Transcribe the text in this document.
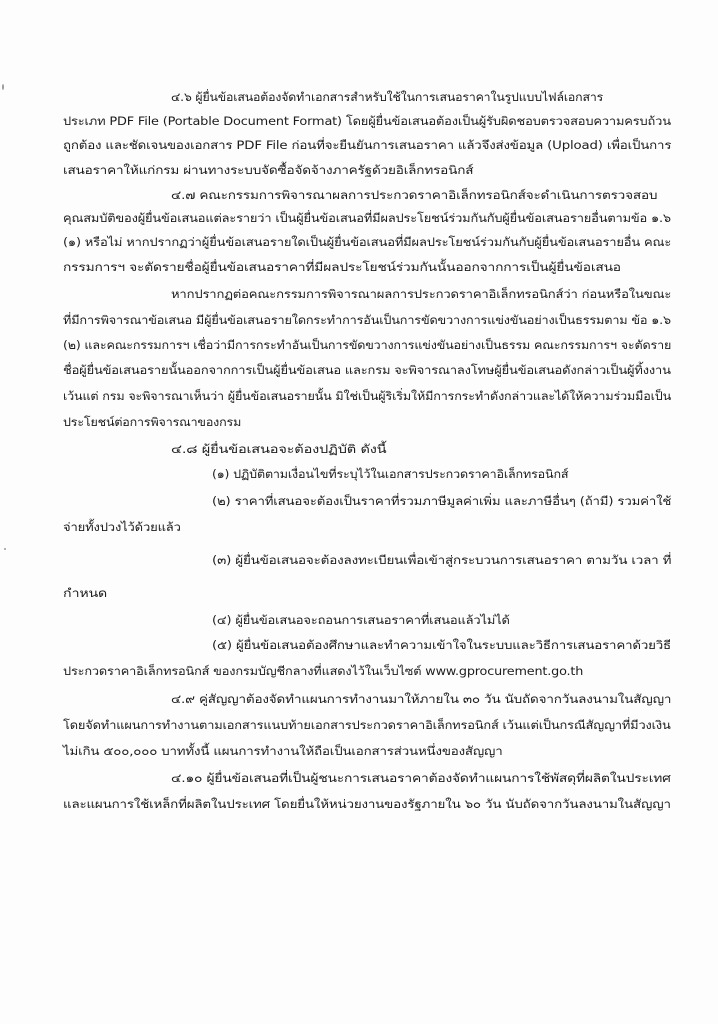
๔.๖ ผู้ยื่นข้อเสนอต้องจัดทำเอกสารสำหรับใช้ในการเสนอราคาในรูปแบบไฟล์เอกสาร
ประเภท PDF File (Portable Document Format) โดยผู้ยื่นข้อเสนอต้องเป็นผู้รับผิดชอบตรวจสอบความครบถ้วน
ถูกต้อง และชัดเจนของเอกสาร PDF File ก่อนที่จะยืนยันการเสนอราคา แล้วจึงส่งข้อมูล (Upload) เพื่อเป็นการ
เสนอราคาให้แก่กรม ผ่านทางระบบจัดซื้อจัดจ้างภาครัฐด้วยอิเล็กทรอนิกส์
๔.๗ คณะกรรมการพิจารณาผลการประกวดราคาอิเล็กทรอนิกส์จะดำเนินการตรวจสอบ
คุณสมบัติของผู้ยื่นข้อเสนอแต่ละรายว่า เป็นผู้ยื่นข้อเสนอที่มีผลประโยชน์ร่วมกันกับผู้ยื่นข้อเสนอรายอื่นตามข้อ ๑.๖
(๑) หรือไม่ หากปรากฏว่าผู้ยื่นข้อเสนอรายใดเป็นผู้ยื่นข้อเสนอที่มีผลประโยชน์ร่วมกันกับผู้ยื่นข้อเสนอรายอื่น คณะ
กรรมการฯ จะตัดรายชื่อผู้ยื่นข้อเสนอราคาที่มีผลประโยชน์ร่วมกันนั้นออกจากการเป็นผู้ยื่นข้อเสนอ
หากปรากฏต่อคณะกรรมการพิจารณาผลการประกวดราคาอิเล็กทรอนิกส์ว่า ก่อนหรือในขณะ
ที่มีการพิจารณาข้อเสนอ มีผู้ยื่นข้อเสนอรายใดกระทำการอันเป็นการขัดขวางการแข่งขันอย่างเป็นธรรมตาม ข้อ ๑.๖
(๒) และคณะกรรมการฯ เชื่อว่ามีการกระทำอันเป็นการขัดขวางการแข่งขันอย่างเป็นธรรม คณะกรรมการฯ จะตัดราย
ชื่อผู้ยื่นข้อเสนอรายนั้นออกจากการเป็นผู้ยื่นข้อเสนอ และกรม จะพิจารณาลงโทษผู้ยื่นข้อเสนอดังกล่าวเป็นผู้ทิ้งงาน
เว้นแต่ กรม จะพิจารณาเห็นว่า ผู้ยื่นข้อเสนอรายนั้น มิใช่เป็นผู้ริเริ่มให้มีการกระทำดังกล่าวและได้ให้ความร่วมมือเป็น
ประโยชน์ต่อการพิจารณาของกรม
๔.๘ ผู้ยื่นข้อเสนอจะต้องปฏิบัติ ดังนี้
(๑) ปฏิบัติตามเงื่อนไขที่ระบุไว้ในเอกสารประกวดราคาอิเล็กทรอนิกส์
(๒) ราคาที่เสนอจะต้องเป็นราคาที่รวมภาษีมูลค่าเพิ่ม และภาษีอื่นๆ (ถ้ามี) รวมค่าใช้
จ่ายทั้งปวงไว้ด้วยแล้ว
(๓) ผู้ยื่นข้อเสนอจะต้องลงทะเบียนเพื่อเข้าสู่กระบวนการเสนอราคา ตามวัน เวลา ที่
กำหนด
(๔) ผู้ยื่นข้อเสนอจะถอนการเสนอราคาที่เสนอแล้วไม่ได้
(๕) ผู้ยื่นข้อเสนอต้องศึกษาและทำความเข้าใจในระบบและวิธีการเสนอราคาด้วยวิธี
ประกวดราคาอิเล็กทรอนิกส์ ของกรมบัญชีกลางที่แสดงไว้ในเว็บไซต์ www.gprocurement.go.th
๔.๙ คู่สัญญาต้องจัดทำแผนการทำงานมาให้ภายใน ๓๐ วัน นับถัดจากวันลงนามในสัญญา
โดยจัดทำแผนการทำงานตามเอกสารแนบท้ายเอกสารประกวดราคาอิเล็กทรอนิกส์ เว้นแต่เป็นกรณีสัญญาที่มีวงเงิน
ไม่เกิน ๕๐๐,๐๐๐ บาททั้งนี้ แผนการทำงานให้ถือเป็นเอกสารส่วนหนึ่งของสัญญา
๔.๑๐ ผู้ยื่นข้อเสนอที่เป็นผู้ชนะการเสนอราคาต้องจัดทำแผนการใช้พัสดุที่ผลิตในประเทศ
และแผนการใช้เหล็กที่ผลิตในประเทศ โดยยื่นให้หน่วยงานของรัฐภายใน ๖๐ วัน นับถัดจากวันลงนามในสัญญา
